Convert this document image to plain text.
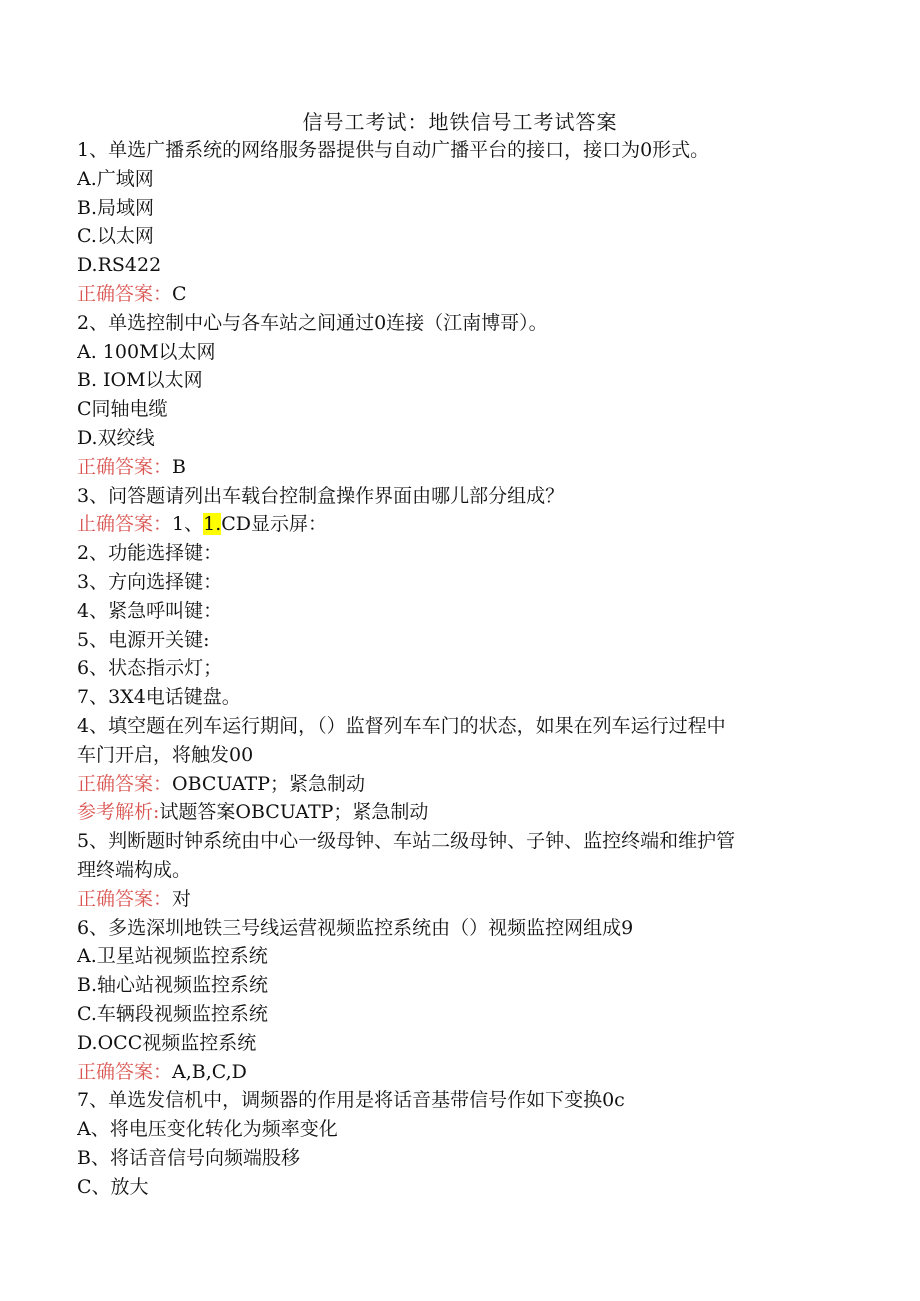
信号工考试：地铁信号工考试答案
1、单选广播系统的网络服务器提供与自动广播平台的接口，接口为0形式。
A.广域网
B.局域网
C.以太网
D.RS422
正确答案：C
2、单选控制中心与各车站之间通过0连接（江南博哥）。
A. 100M以太网
B. IOM以太网
C同轴电缆
D.双绞线
正确答案：B
3、问答题请列出车载台控制盒操作界面由哪儿部分组成？
止确答案：1、1.CD显示屏：
2、功能选择键：
3、方向选择键：
4、紧急呼叫键：
5、电源开关键:
6、状态指示灯；
7、3X4电话键盘。
4、填空题在列车运行期间，（）监督列车车门的状态，如果在列车运行过程中
车门开启，将触发00
正确答案：OBCUATP；紧急制动
参考解析:试题答案OBCUATP；紧急制动
5、判断题时钟系统由中心一级母钟、车站二级母钟、子钟、监控终端和维护管
理终端构成。
正确答案：对
6、多选深圳地铁三号线运营视频监控系统由（）视频监控网组成9
A.卫星站视频监控系统
B.轴心站视频监控系统
C.车辆段视频监控系统
D.OCC视频监控系统
正确答案：A,B,C,D
7、单选发信机中，调频器的作用是将话音基带信号作如下变换0c
A、将电压变化转化为频率变化
B、将话音信号向频端股移
C、放大
